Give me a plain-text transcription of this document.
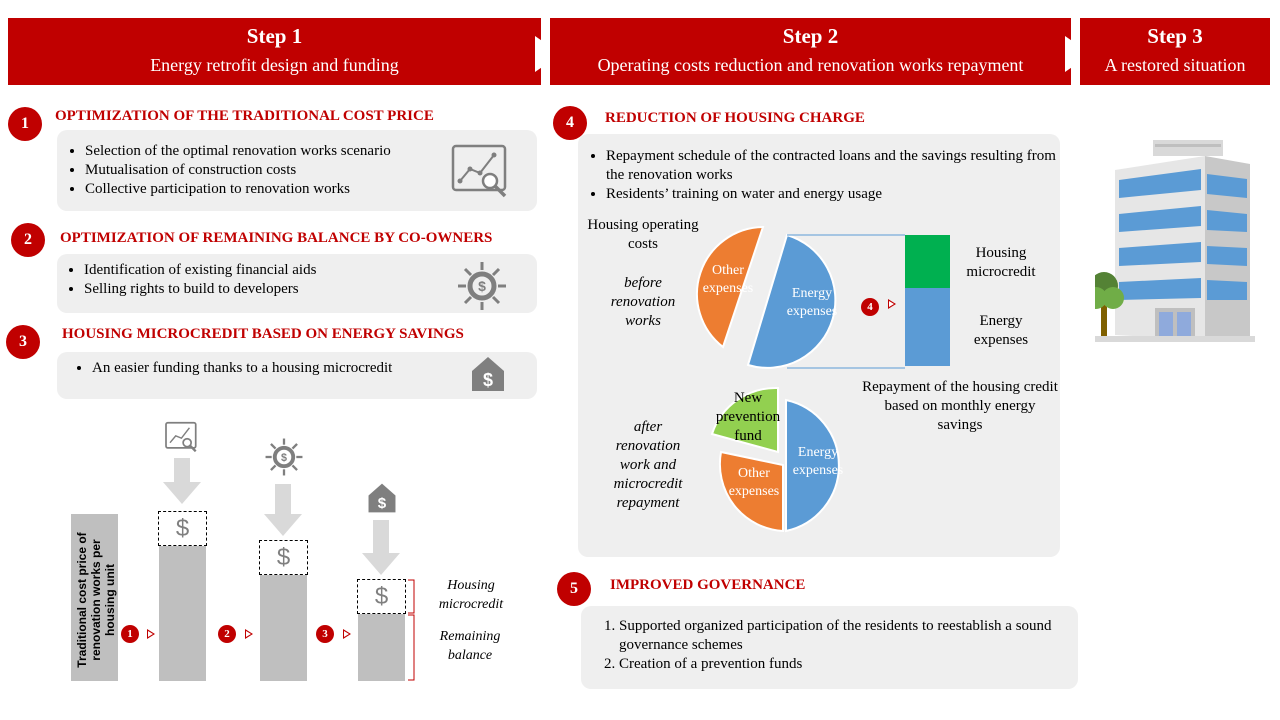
Step 1
Energy retrofit design and funding
Step 2
Operating costs reduction and renovation works repayment
Step 3
A restored situation
1	OPTIMIZATION OF THE TRADITIONAL COST PRICE
• Selection of the optimal renovation works scenario
• Mutualisation of construction costs
• Collective participation to renovation works
2	OPTIMIZATION OF REMAINING BALANCE BY CO-OWNERS
• Identification of existing financial aids
• Selling rights to build to developers	$
3	HOUSING MICROCREDIT BASED ON ENERGY SAVINGS
• An easier funding thanks to a housing microcredit
$
Traditional cost price of renovation works per housing unit
$
$
$
$
$
1	2	3
Housing microcredit
Remaining balance
4	REDUCTION OF HOUSING CHARGE
• Repayment schedule of the contracted loans and the savings resulting from the renovation works
• Residents’ training on water and energy usage
Housing operating costs
before renovation works
after renovation work and microcredit repayment
Other expenses	Energy expenses	4
Housing microcredit
Energy expenses
Repayment of the housing credit based on monthly energy savings
New prevention fund
Other expenses
Energy expenses
5	IMPROVED GOVERNANCE
1. Supported organized participation of the residents to reestablish a sound governance schemes
2. Creation of a prevention funds
